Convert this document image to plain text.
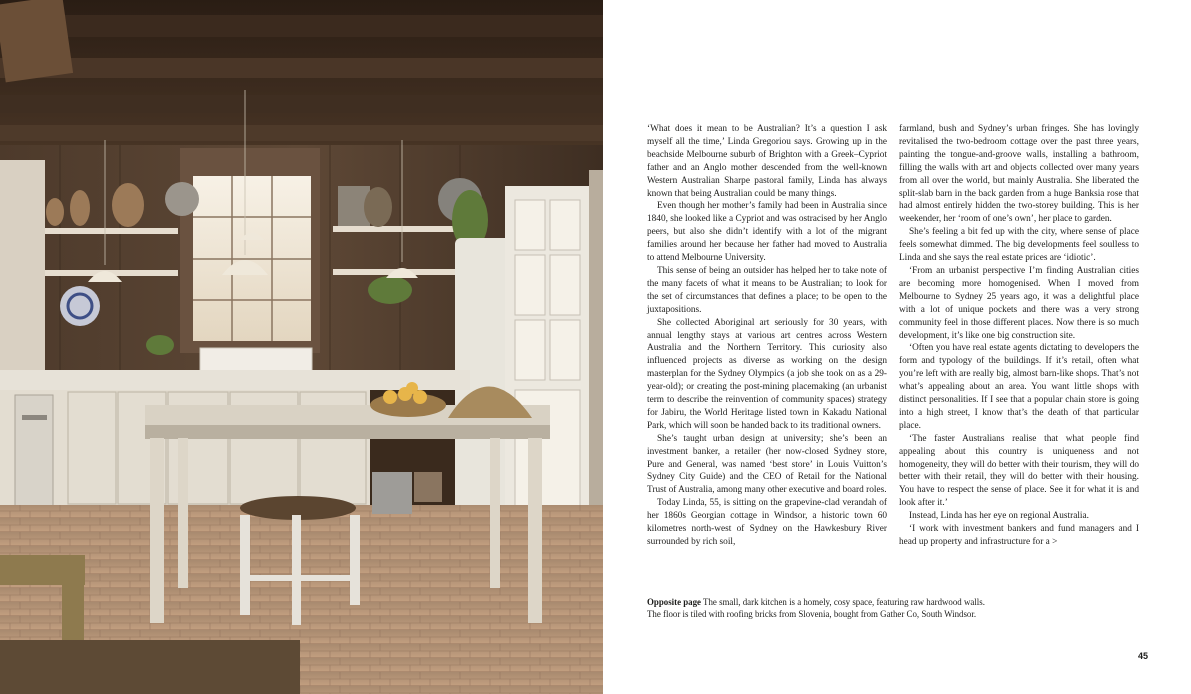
‘What does it mean to be Australian? It’s a question I ask myself all the time,’ Linda Gregoriou says. Growing up in the beachside Melbourne suburb of Brighton with a Greek–Cypriot father and an Anglo mother descended from the well-known Western Australian Sharpe pastoral family, Linda has always known that being Australian could be many things.

Even though her mother’s family had been in Australia since 1840, she looked like a Cypriot and was ostracised by her Anglo peers, but also she didn’t identify with a lot of the migrant families around her because her father had moved to Australia to attend Melbourne University.

This sense of being an outsider has helped her to take note of the many facets of what it means to be Australian; to look for the set of circumstances that defines a place; to be open to the juxtapositions.

She collected Aboriginal art seriously for 30 years, with annual lengthy stays at various art centres across Western Australia and the Northern Territory. This curiosity also influenced projects as diverse as working on the design masterplan for the Sydney Olympics (a job she took on as a 29-year-old); or creating the post-mining placemaking (an urbanist term to describe the reinvention of community spaces) strategy for Jabiru, the World Heritage listed town in Kakadu National Park, which will soon be handed back to its traditional owners.

She’s taught urban design at university; she’s been an investment banker, a retailer (her now-closed Sydney store, Pure and General, was named ‘best store’ in Louis Vuitton’s Sydney City Guide) and the CEO of Retail for the National Trust of Australia, among many other executive and board roles.

Today Linda, 55, is sitting on the grapevine-clad verandah of her 1860s Georgian cottage in Windsor, a historic town 60 kilometres north-west of Sydney on the Hawkesbury River surrounded by rich soil,

farmland, bush and Sydney’s urban fringes. She has lovingly revitalised the two-bedroom cottage over the past three years, painting the tongue-and-groove walls, installing a bathroom, filling the walls with art and objects collected over many years from all over the world, but mainly Australia. She liberated the split-slab barn in the back garden from a huge Banksia rose that had almost entirely hidden the two-storey building. This is her weekender, her ‘room of one’s own’, her place to garden.

She’s feeling a bit fed up with the city, where sense of place feels somewhat dimmed. The big developments feel soulless to Linda and she says the real estate prices are ‘idiotic’.

‘From an urbanist perspective I’m finding Australian cities are becoming more homogenised. When I moved from Melbourne to Sydney 25 years ago, it was a delightful place with a lot of unique pockets and there was a very strong community feel in those different places. Now there is so much development, it’s like one big construction site.

‘Often you have real estate agents dictating to developers the form and typology of the buildings. If it’s retail, often what you’re left with are really big, almost barn-like shops. That’s not what’s appealing about an area. You want little shops with distinct personalities. If I see that a popular chain store is going into a high street, I know that’s the death of that particular place.

‘The faster Australians realise that what people find appealing about this country is uniqueness and not homogeneity, they will do better with their tourism, they will do better with their retail, they will do better with their housing. You have to respect the sense of place. See it for what it is and look after it.’

Instead, Linda has her eye on regional Australia.

‘I work with investment bankers and fund managers and I head up property and infrastructure for a >

Opposite page The small, dark kitchen is a homely, cosy space, featuring raw hardwood walls.
The floor is tiled with roofing bricks from Slovenia, bought from Gather Co, South Windsor.
45
